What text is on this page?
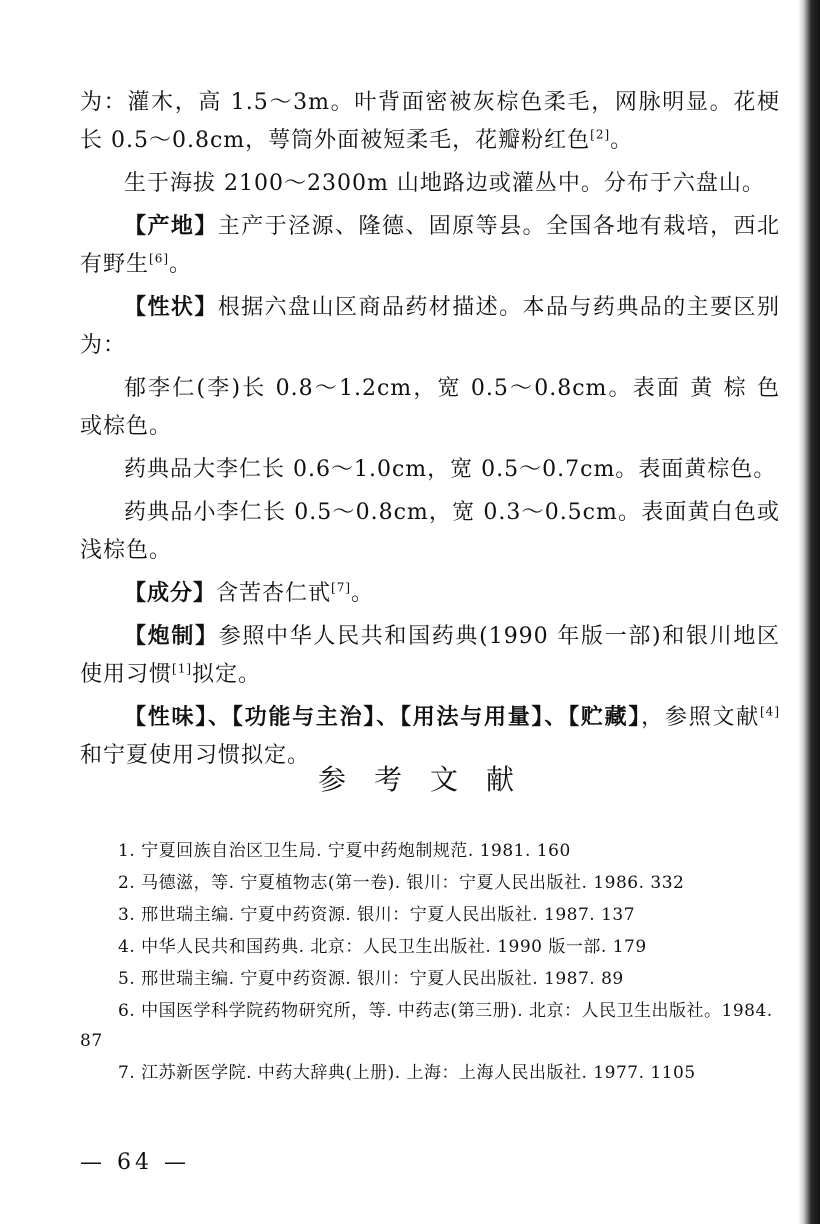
为：灌木，高 1.5～3m。叶背面密被灰棕色柔毛，网脉明显。花梗长 0.5～0.8cm，萼筒外面被短柔毛，花瓣粉红色[2]。

生于海拔 2100～2300m 山地路边或灌丛中。分布于六盘山。

【产地】主产于泾源、隆德、固原等县。全国各地有栽培，西北有野生[6]。

【性状】根据六盘山区商品药材描述。本品与药典品的主要区别为：

郁李仁(李)长 0.8～1.2cm，宽 0.5～0.8cm。表面 黄 棕 色 或棕色。

药典品大李仁长 0.6～1.0cm，宽 0.5～0.7cm。表面黄棕色。

药典品小李仁长 0.5～0.8cm，宽 0.3～0.5cm。表面黄白色或浅棕色。

【成分】含苦杏仁甙[7]。

【炮制】参照中华人民共和国药典(1990 年版一部)和银川地区使用习惯[1]拟定。

【性味】、【功能与主治】、【用法与用量】、【贮藏】，参照文献[4]和宁夏使用习惯拟定。

参考文献

1. 宁夏回族自治区卫生局. 宁夏中药炮制规范. 1981. 160

2. 马德滋，等. 宁夏植物志(第一卷). 银川：宁夏人民出版社. 1986. 332

3. 邢世瑞主编. 宁夏中药资源. 银川：宁夏人民出版社. 1987. 137

4. 中华人民共和国药典. 北京：人民卫生出版社. 1990 版一部. 179

5. 邢世瑞主编. 宁夏中药资源. 银川：宁夏人民出版社. 1987. 89

6. 中国医学科学院药物研究所，等. 中药志(第三册). 北京：人民卫生出版社。1984. 87

7. 江苏新医学院. 中药大辞典(上册). 上海：上海人民出版社. 1977. 1105

— 64 —
